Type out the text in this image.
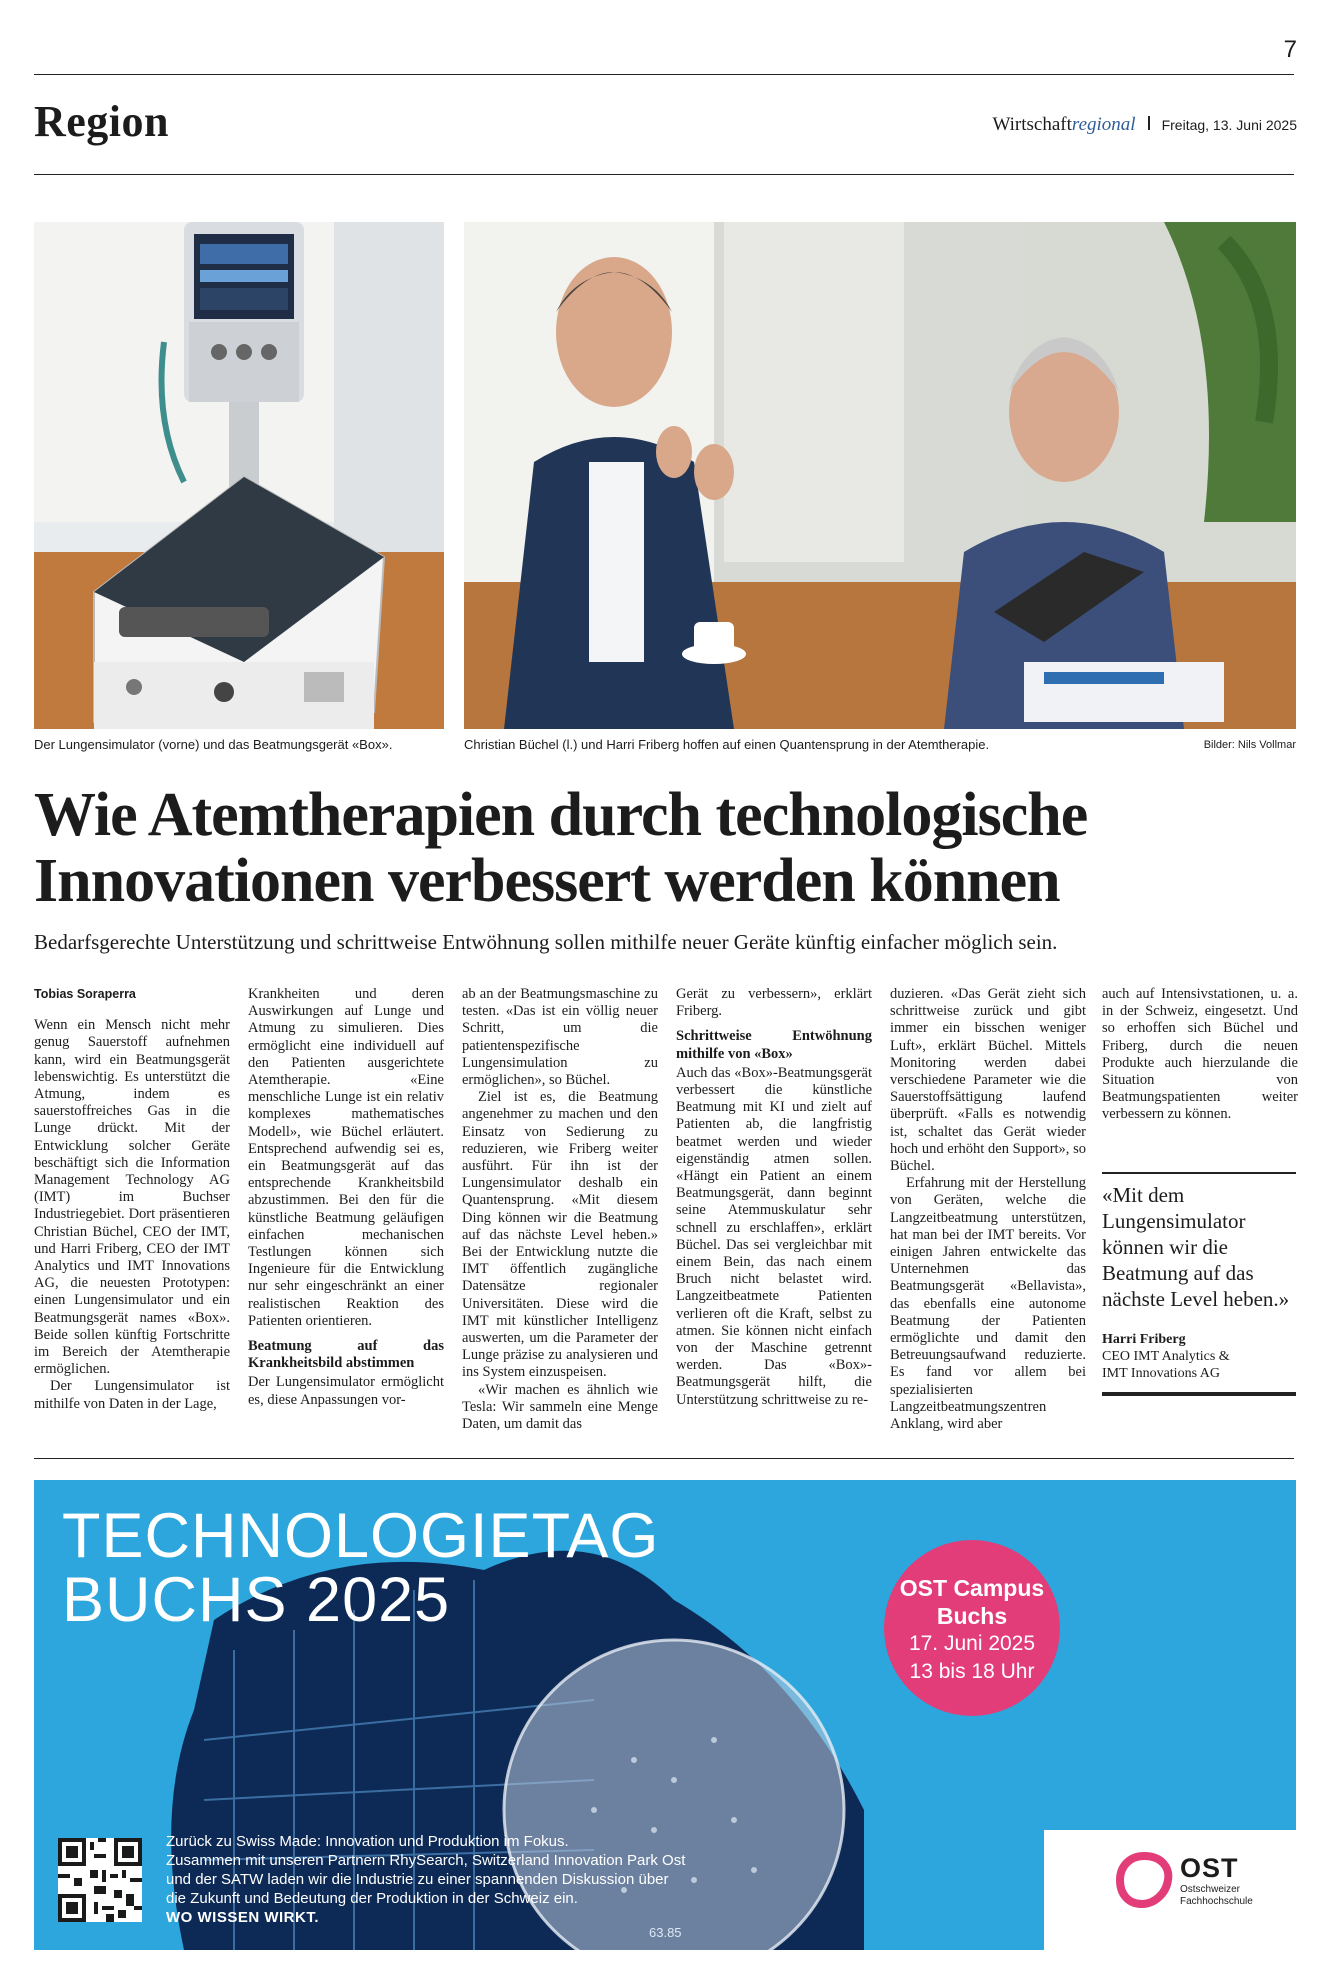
7
Region	Wirtschaftregional Freitag, 13. Juni 2025
Der Lungensimulator (vorne) und das Beatmungsgerät «Box».	Christian Büchel (l.) und Harri Friberg hoffen auf einen Quantensprung in der Atemtherapie.	Bilder: Nils Vollmar
Wie Atemtherapien durch technologische
Innovationen verbessert werden können
Bedarfsgerechte Unterstützung und schrittweise Entwöhnung sollen mithilfe neuer Geräte künftig einfacher möglich sein.
Tobias Soraperra

Wenn ein Mensch nicht mehr genug Sauerstoff aufnehmen kann, wird ein Beatmungsgerät lebenswichtig. Es unterstützt die Atmung, indem es sauerstoffreiches Gas in die Lunge drückt. Mit der Entwicklung solcher Geräte beschäftigt sich die Information Management Technology AG (IMT) im Buchser Industriegebiet. Dort präsentieren Christian Büchel, CEO der IMT, und Harri Friberg, CEO der IMT Analytics und IMT Innovations AG, die neuesten Prototypen: einen Lungensimulator und ein Beatmungsgerät names «Box». Beide sollen künftig Fortschritte im Bereich der Atemtherapie ermöglichen.

Der Lungensimulator ist mithilfe von Daten in der Lage,

Krankheiten und deren Auswirkungen auf Lunge und Atmung zu simulieren. Dies ermöglicht eine individuell auf den Patienten ausgerichtete Atemtherapie. «Eine menschliche Lunge ist ein relativ komplexes mathematisches Modell», wie Büchel erläutert. Entsprechend aufwendig sei es, ein Beatmungsgerät auf das entsprechende Krankheitsbild abzustimmen. Bei den für die künstliche Beatmung geläufigen einfachen mechanischen Testlungen können sich Ingenieure für die Entwicklung nur sehr eingeschränkt an einer realistischen Reaktion des Patienten orientieren.

Beatmung auf das Krankheitsbild abstimmen

Der Lungensimulator ermöglicht es, diese Anpassungen vor-

ab an der Beatmungsmaschine zu testen. «Das ist ein völlig neuer Schritt, um die patientenspezifische Lungensimulation zu ermöglichen», so Büchel.

Ziel ist es, die Beatmung angenehmer zu machen und den Einsatz von Sedierung zu reduzieren, wie Friberg weiter ausführt. Für ihn ist der Lungensimulator deshalb ein Quantensprung. «Mit diesem Ding können wir die Beatmung auf das nächste Level heben.» Bei der Entwicklung nutzte die IMT öffentlich zugängliche Datensätze regionaler Universitäten. Diese wird die IMT mit künstlicher Intelligenz auswerten, um die Parameter der Lunge präzise zu analysieren und ins System einzuspeisen.

«Wir machen es ähnlich wie Tesla: Wir sammeln eine Menge Daten, um damit das

Gerät zu verbessern», erklärt Friberg.

Schrittweise Entwöhnung mithilfe von «Box»

Auch das «Box»-Beatmungsgerät verbessert die künstliche Beatmung mit KI und zielt auf Patienten ab, die langfristig beatmet werden und wieder eigenständig atmen sollen. «Hängt ein Patient an einem Beatmungsgerät, dann beginnt seine Atemmuskulatur sehr schnell zu erschlaffen», erklärt Büchel. Das sei vergleichbar mit einem Bein, das nach einem Bruch nicht belastet wird. Langzeitbeatmete Patienten verlieren oft die Kraft, selbst zu atmen. Sie können nicht einfach von der Maschine getrennt werden. Das «Box»-Beatmungsgerät hilft, die Unterstützung schrittweise zu re-

duzieren. «Das Gerät zieht sich schrittweise zurück und gibt immer ein bisschen weniger Luft», erklärt Büchel. Mittels Monitoring werden dabei verschiedene Parameter wie die Sauerstoffsättigung laufend überprüft. «Falls es notwendig ist, schaltet das Gerät wieder hoch und erhöht den Support», so Büchel.

Erfahrung mit der Herstellung von Geräten, welche die Langzeitbeatmung unterstützen, hat man bei der IMT bereits. Vor einigen Jahren entwickelte das Unternehmen das Beatmungsgerät «Bellavista», das ebenfalls eine autonome Beatmung der Patienten ermöglichte und damit den Betreuungsaufwand reduzierte. Es fand vor allem bei spezialisierten Langzeitbeatmungszentren Anklang, wird aber

auch auf Intensivstationen, u. a. in der Schweiz, eingesetzt. Und so erhoffen sich Büchel und Friberg, durch die neuen Produkte auch hierzulande die Situation von Beatmungspatienten weiter verbessern zu können.

«Mit dem Lungensimulator können wir die Beatmung auf das nächste Level heben.»
Harri Friberg
CEO IMT Analytics &
IMT Innovations AG
63.85
TECHNOLOGIETAG
BUCHS 2025	OST Campus
Buchs
17. Juni 2025
13 bis 18 Uhr
Zurück zu Swiss Made: Innovation und Produktion im Fokus.
Zusammen mit unseren Partnern RhySearch, Switzerland Innovation Park Ost
und der SATW laden wir die Industrie zu einer spannenden Diskussion über
die Zukunft und Bedeutung der Produktion in der Schweiz ein.
WO WISSEN WIRKT.
OST
Ostschweizer
Fachhochschule
